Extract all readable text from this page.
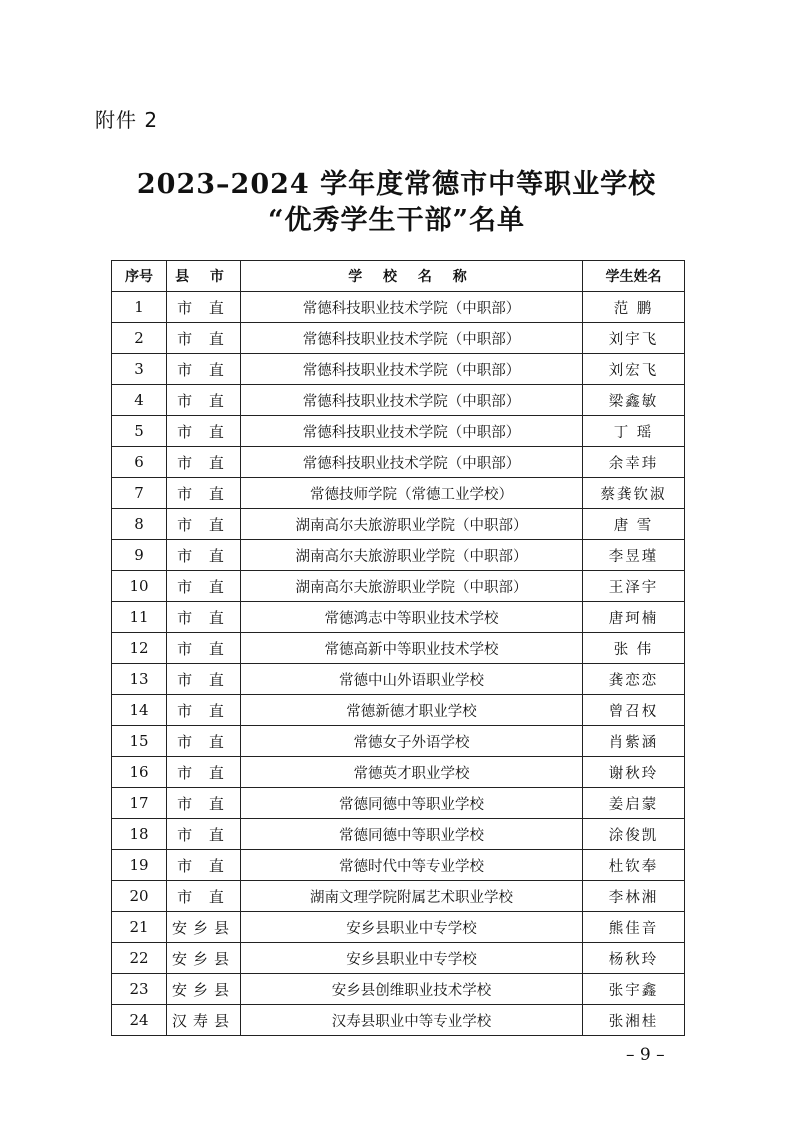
附件 2
2023–2024 学年度常德市中等职业学校
“优秀学生干部”名单
序号	县 市	学 校 名 称	学生姓名
1	市 直	常德科技职业技术学院（中职部）	范 鹏
2	市 直	常德科技职业技术学院（中职部）	刘宇飞
3	市 直	常德科技职业技术学院（中职部）	刘宏飞
4	市 直	常德科技职业技术学院（中职部）	梁鑫敏
5	市 直	常德科技职业技术学院（中职部）	丁 瑶
6	市 直	常德科技职业技术学院（中职部）	余幸玮
7	市 直	常德技师学院（常德工业学校）	蔡龚钦淑
8	市 直	湖南高尔夫旅游职业学院（中职部）	唐 雪
9	市 直	湖南高尔夫旅游职业学院（中职部）	李昱瑾
10	市 直	湖南高尔夫旅游职业学院（中职部）	王泽宇
11	市 直	常德鸿志中等职业技术学校	唐珂楠
12	市 直	常德高新中等职业技术学校	张 伟
13	市 直	常德中山外语职业学校	龚恋恋
14	市 直	常德新德才职业学校	曾召权
15	市 直	常德女子外语学校	肖紫涵
16	市 直	常德英才职业学校	谢秋玲
17	市 直	常德同德中等职业学校	姜启蒙
18	市 直	常德同德中等职业学校	涂俊凯
19	市 直	常德时代中等专业学校	杜钦奉
20	市 直	湖南文理学院附属艺术职业学校	李林湘
21	安乡县	安乡县职业中专学校	熊佳音
22	安乡县	安乡县职业中专学校	杨秋玲
23	安乡县	安乡县创维职业技术学校	张宇鑫
24	汉寿县	汉寿县职业中等专业学校	张湘桂
– 9 –
